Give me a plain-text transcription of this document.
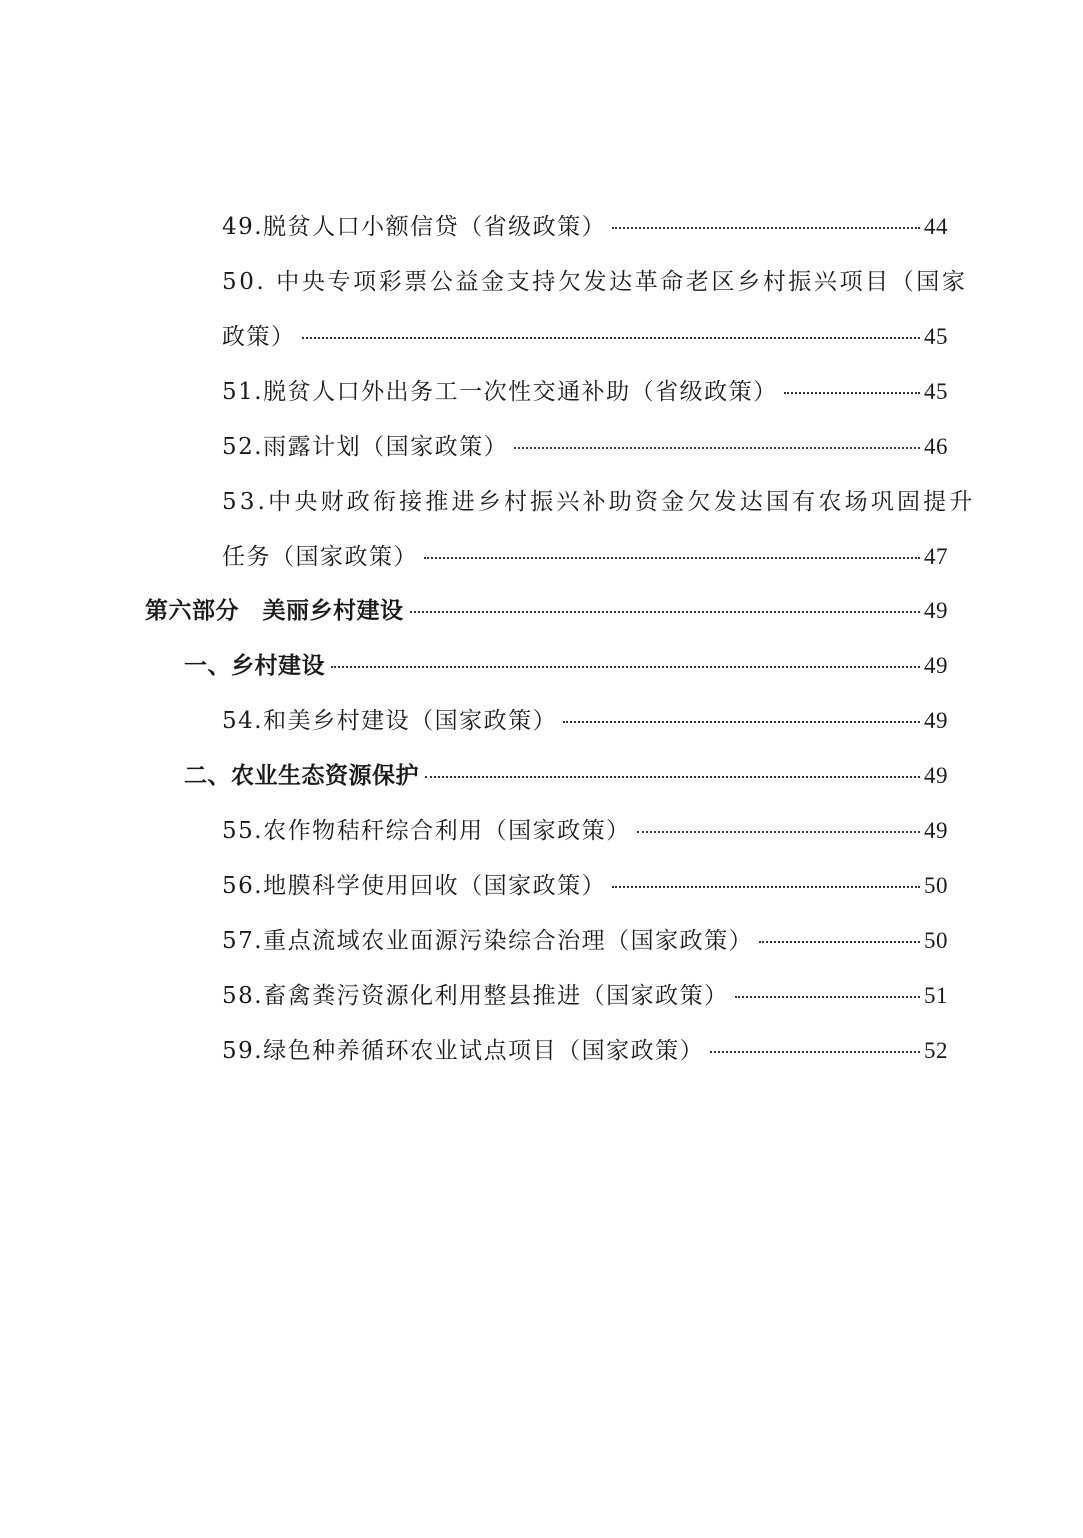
49.脱贫人口小额信贷（省级政策）	44
50. 中央专项彩票公益金支持欠发达革命老区乡村振兴项目（国家
政策）	45
51.脱贫人口外出务工一次性交通补助（省级政策）	45
52.雨露计划（国家政策）	46
53.中央财政衔接推进乡村振兴补助资金欠发达国有农场巩固提升
任务（国家政策）	47
第六部分　美丽乡村建设	49
一、乡村建设	49
54.和美乡村建设（国家政策）	49
二、农业生态资源保护	49
55.农作物秸秆综合利用（国家政策）	49
56.地膜科学使用回收（国家政策）	50
57.重点流域农业面源污染综合治理（国家政策）	50
58.畜禽粪污资源化利用整县推进（国家政策）	51
59.绿色种养循环农业试点项目（国家政策）	52
